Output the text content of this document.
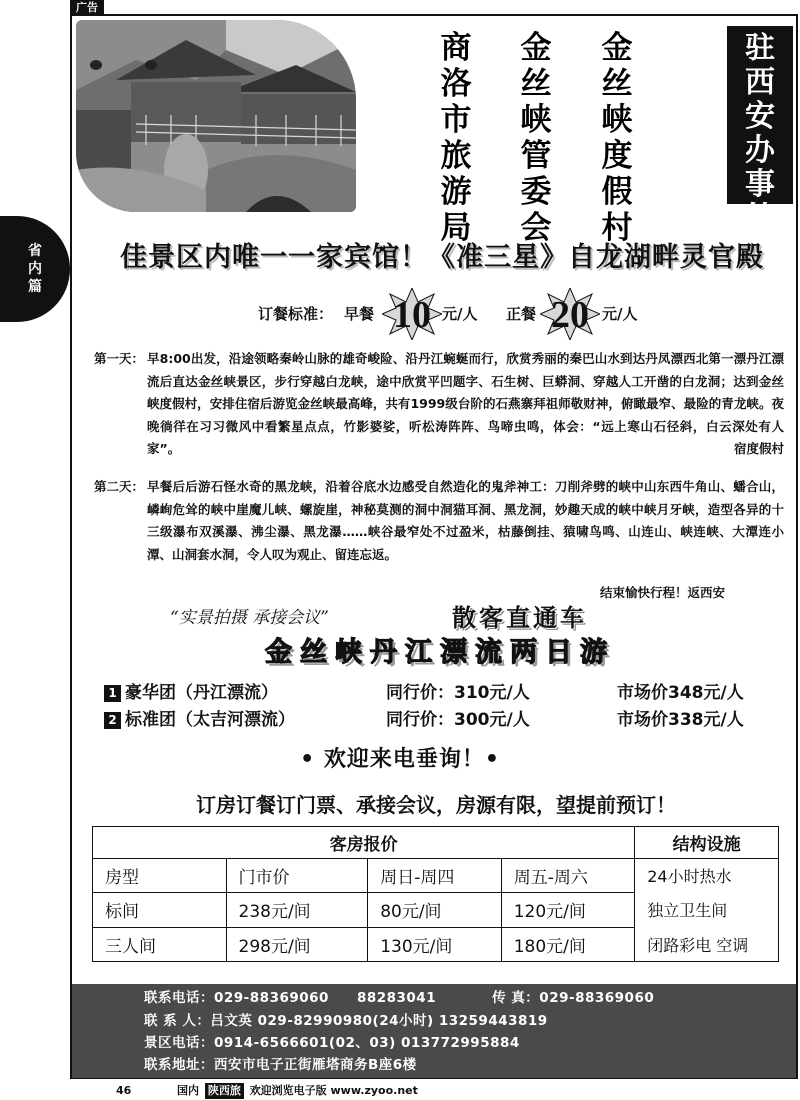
广告
省
内
篇
商洛市旅游局
金丝峡管委会
金丝峡度假村
驻
西
安
办
事
处
佳景区内唯一一家宾馆！《准三星》自龙湖畔灵官殿
订餐标准： 早餐 10 元/人 正餐 20 元/人
第一天： 早8:00出发，沿途领略秦岭山脉的雄奇峻险、沿丹江蜿蜒而行，欣赏秀丽的秦巴山水到达丹凤漂西北第一漂丹江漂流后直达金丝峡景区，步行穿越白龙峡，途中欣赏平凹题字、石生树、巨蟒洞、穿越人工开凿的白龙洞；达到金丝峡度假村，安排住宿后游览金丝峡最高峰，共有1999级台阶的石燕寨拜祖师敬财神，俯瞰最窄、最险的青龙峡。夜晚徜徉在习习微风中看繁星点点，竹影婆娑，听松涛阵阵、鸟啼虫鸣，体会：“远上寒山石径斜，白云深处有人家”。	宿度假村

第二天： 早餐后后游石怪水奇的黑龙峡，沿着谷底水边感受自然造化的鬼斧神工：刀削斧劈的峡中山东西牛角山、蟠合山，嶙峋危耸的峡中崖魔儿峡、螺旋崖，神秘莫测的洞中洞猫耳洞、黑龙洞，妙趣天成的峡中峡月牙峡，造型各异的十三级瀑布双溪瀑、沸尘瀑、黑龙瀑……峡谷最窄处不过盈米，枯藤倒挂、猿啸鸟鸣、山连山、峡连峡、大潭连小潭、山洞套水洞，令人叹为观止、留连忘返。

结束愉快行程！返西安
“实景拍摄 承接会议”	散客直通车
金丝峡丹江漂流两日游
1 豪华团（丹江漂流）	同行价：310元/人	市场价348元/人
2 标准团（太吉河漂流）	同行价：300元/人	市场价338元/人
• 欢迎来电垂询！•
订房订餐订门票、承接会议，房源有限，望提前预订！
客房报价				结构设施
房型	门市价	周日-周四	周五-周六	24小时热水
标间	238元/间	80元/间	120元/间	独立卫生间
三人间	298元/间	130元/间	180元/间	闭路彩电 空调
联系电话：029-88369060 88283041	传 真：029-88369060
联 系 人：吕文英 029-82990980(24小时) 13259443819
景区电话：0914-6566601(02、03) 013772995884
联系地址：西安市电子正街雁塔商务B座6楼
46	国内 陕西旅 欢迎浏览电子版 www.zyoo.net
